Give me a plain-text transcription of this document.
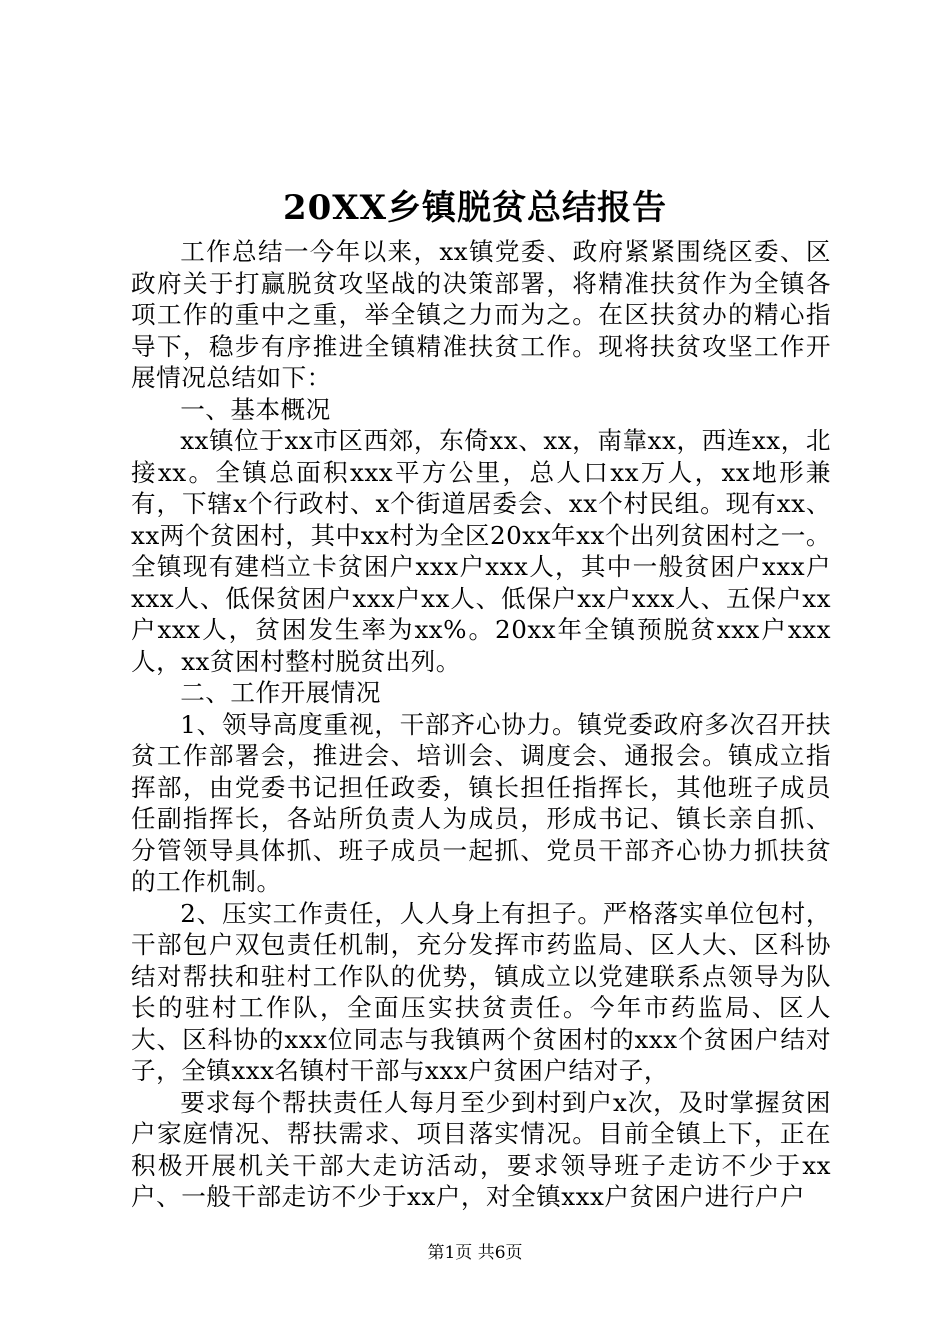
20XX乡镇脱贫总结报告

工作总结一今年以来，xx镇党委、政府紧紧围绕区委、区政府关于打赢脱贫攻坚战的决策部署，将精准扶贫作为全镇各项工作的重中之重，举全镇之力而为之。在区扶贫办的精心指导下，稳步有序推进全镇精准扶贫工作。现将扶贫攻坚工作开展情况总结如下：

一、基本概况

xx镇位于xx市区西郊，东倚xx、xx，南靠xx，西连xx，北接xx。全镇总面积xxx平方公里，总人口xx万人，xx地形兼有，下辖x个行政村、x个街道居委会、xx个村民组。现有xx、xx两个贫困村，其中xx村为全区20xx年xx个出列贫困村之一。全镇现有建档立卡贫困户xxx户xxx人，其中一般贫困户xxx户xxx人、低保贫困户xxx户xx人、低保户xx户xxx人、五保户xx户xxx人，贫困发生率为xx%。20xx年全镇预脱贫xxx户xxx人，xx贫困村整村脱贫出列。

二、工作开展情况

1、领导高度重视，干部齐心协力。镇党委政府多次召开扶贫工作部署会，推进会、培训会、调度会、通报会。镇成立指挥部，由党委书记担任政委，镇长担任指挥长，其他班子成员任副指挥长，各站所负责人为成员，形成书记、镇长亲自抓、分管领导具体抓、班子成员一起抓、党员干部齐心协力抓扶贫的工作机制。

2、压实工作责任，人人身上有担子。严格落实单位包村，干部包户双包责任机制，充分发挥市药监局、区人大、区科协结对帮扶和驻村工作队的优势，镇成立以党建联系点领导为队长的驻村工作队，全面压实扶贫责任。今年市药监局、区人大、区科协的xxx位同志与我镇两个贫困村的xxx个贫困户结对子，全镇xxx名镇村干部与xxx户贫困户结对子，

要求每个帮扶责任人每月至少到村到户x次，及时掌握贫困户家庭情况、帮扶需求、项目落实情况。目前全镇上下，正在积极开展机关干部大走访活动，要求领导班子走访不少于xx户、一般干部走访不少于xx户，对全镇xxx户贫困户进行户户

第1页 共6页
